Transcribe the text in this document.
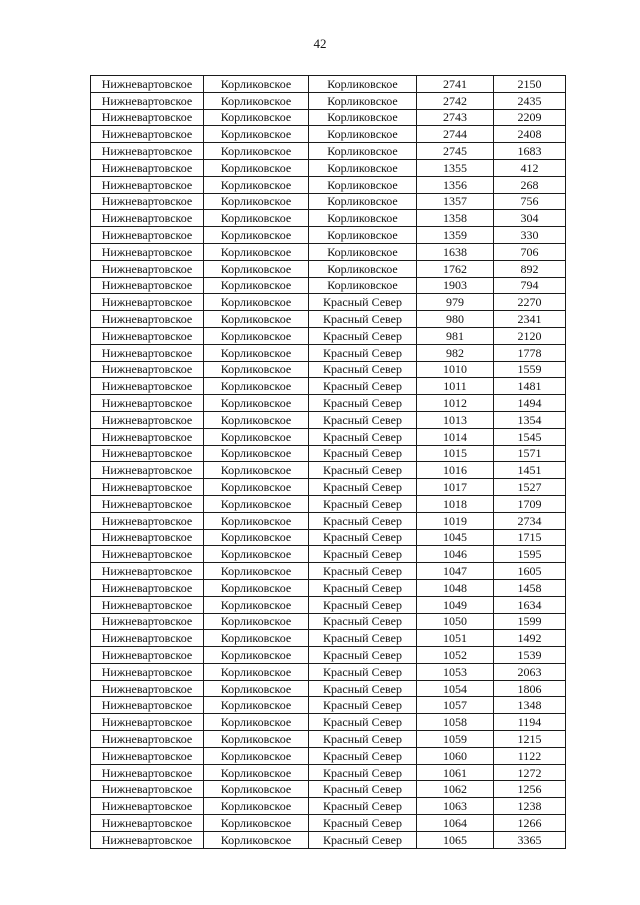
42
Нижневартовское	Корликовское	Корликовское	2741	2150
Нижневартовское	Корликовское	Корликовское	2742	2435
Нижневартовское	Корликовское	Корликовское	2743	2209
Нижневартовское	Корликовское	Корликовское	2744	2408
Нижневартовское	Корликовское	Корликовское	2745	1683
Нижневартовское	Корликовское	Корликовское	1355	412
Нижневартовское	Корликовское	Корликовское	1356	268
Нижневартовское	Корликовское	Корликовское	1357	756
Нижневартовское	Корликовское	Корликовское	1358	304
Нижневартовское	Корликовское	Корликовское	1359	330
Нижневартовское	Корликовское	Корликовское	1638	706
Нижневартовское	Корликовское	Корликовское	1762	892
Нижневартовское	Корликовское	Корликовское	1903	794
Нижневартовское	Корликовское	Красный Север	979	2270
Нижневартовское	Корликовское	Красный Север	980	2341
Нижневартовское	Корликовское	Красный Север	981	2120
Нижневартовское	Корликовское	Красный Север	982	1778
Нижневартовское	Корликовское	Красный Север	1010	1559
Нижневартовское	Корликовское	Красный Север	1011	1481
Нижневартовское	Корликовское	Красный Север	1012	1494
Нижневартовское	Корликовское	Красный Север	1013	1354
Нижневартовское	Корликовское	Красный Север	1014	1545
Нижневартовское	Корликовское	Красный Север	1015	1571
Нижневартовское	Корликовское	Красный Север	1016	1451
Нижневартовское	Корликовское	Красный Север	1017	1527
Нижневартовское	Корликовское	Красный Север	1018	1709
Нижневартовское	Корликовское	Красный Север	1019	2734
Нижневартовское	Корликовское	Красный Север	1045	1715
Нижневартовское	Корликовское	Красный Север	1046	1595
Нижневартовское	Корликовское	Красный Север	1047	1605
Нижневартовское	Корликовское	Красный Север	1048	1458
Нижневартовское	Корликовское	Красный Север	1049	1634
Нижневартовское	Корликовское	Красный Север	1050	1599
Нижневартовское	Корликовское	Красный Север	1051	1492
Нижневартовское	Корликовское	Красный Север	1052	1539
Нижневартовское	Корликовское	Красный Север	1053	2063
Нижневартовское	Корликовское	Красный Север	1054	1806
Нижневартовское	Корликовское	Красный Север	1057	1348
Нижневартовское	Корликовское	Красный Север	1058	1194
Нижневартовское	Корликовское	Красный Север	1059	1215
Нижневартовское	Корликовское	Красный Север	1060	1122
Нижневартовское	Корликовское	Красный Север	1061	1272
Нижневартовское	Корликовское	Красный Север	1062	1256
Нижневартовское	Корликовское	Красный Север	1063	1238
Нижневартовское	Корликовское	Красный Север	1064	1266
Нижневартовское	Корликовское	Красный Север	1065	3365
